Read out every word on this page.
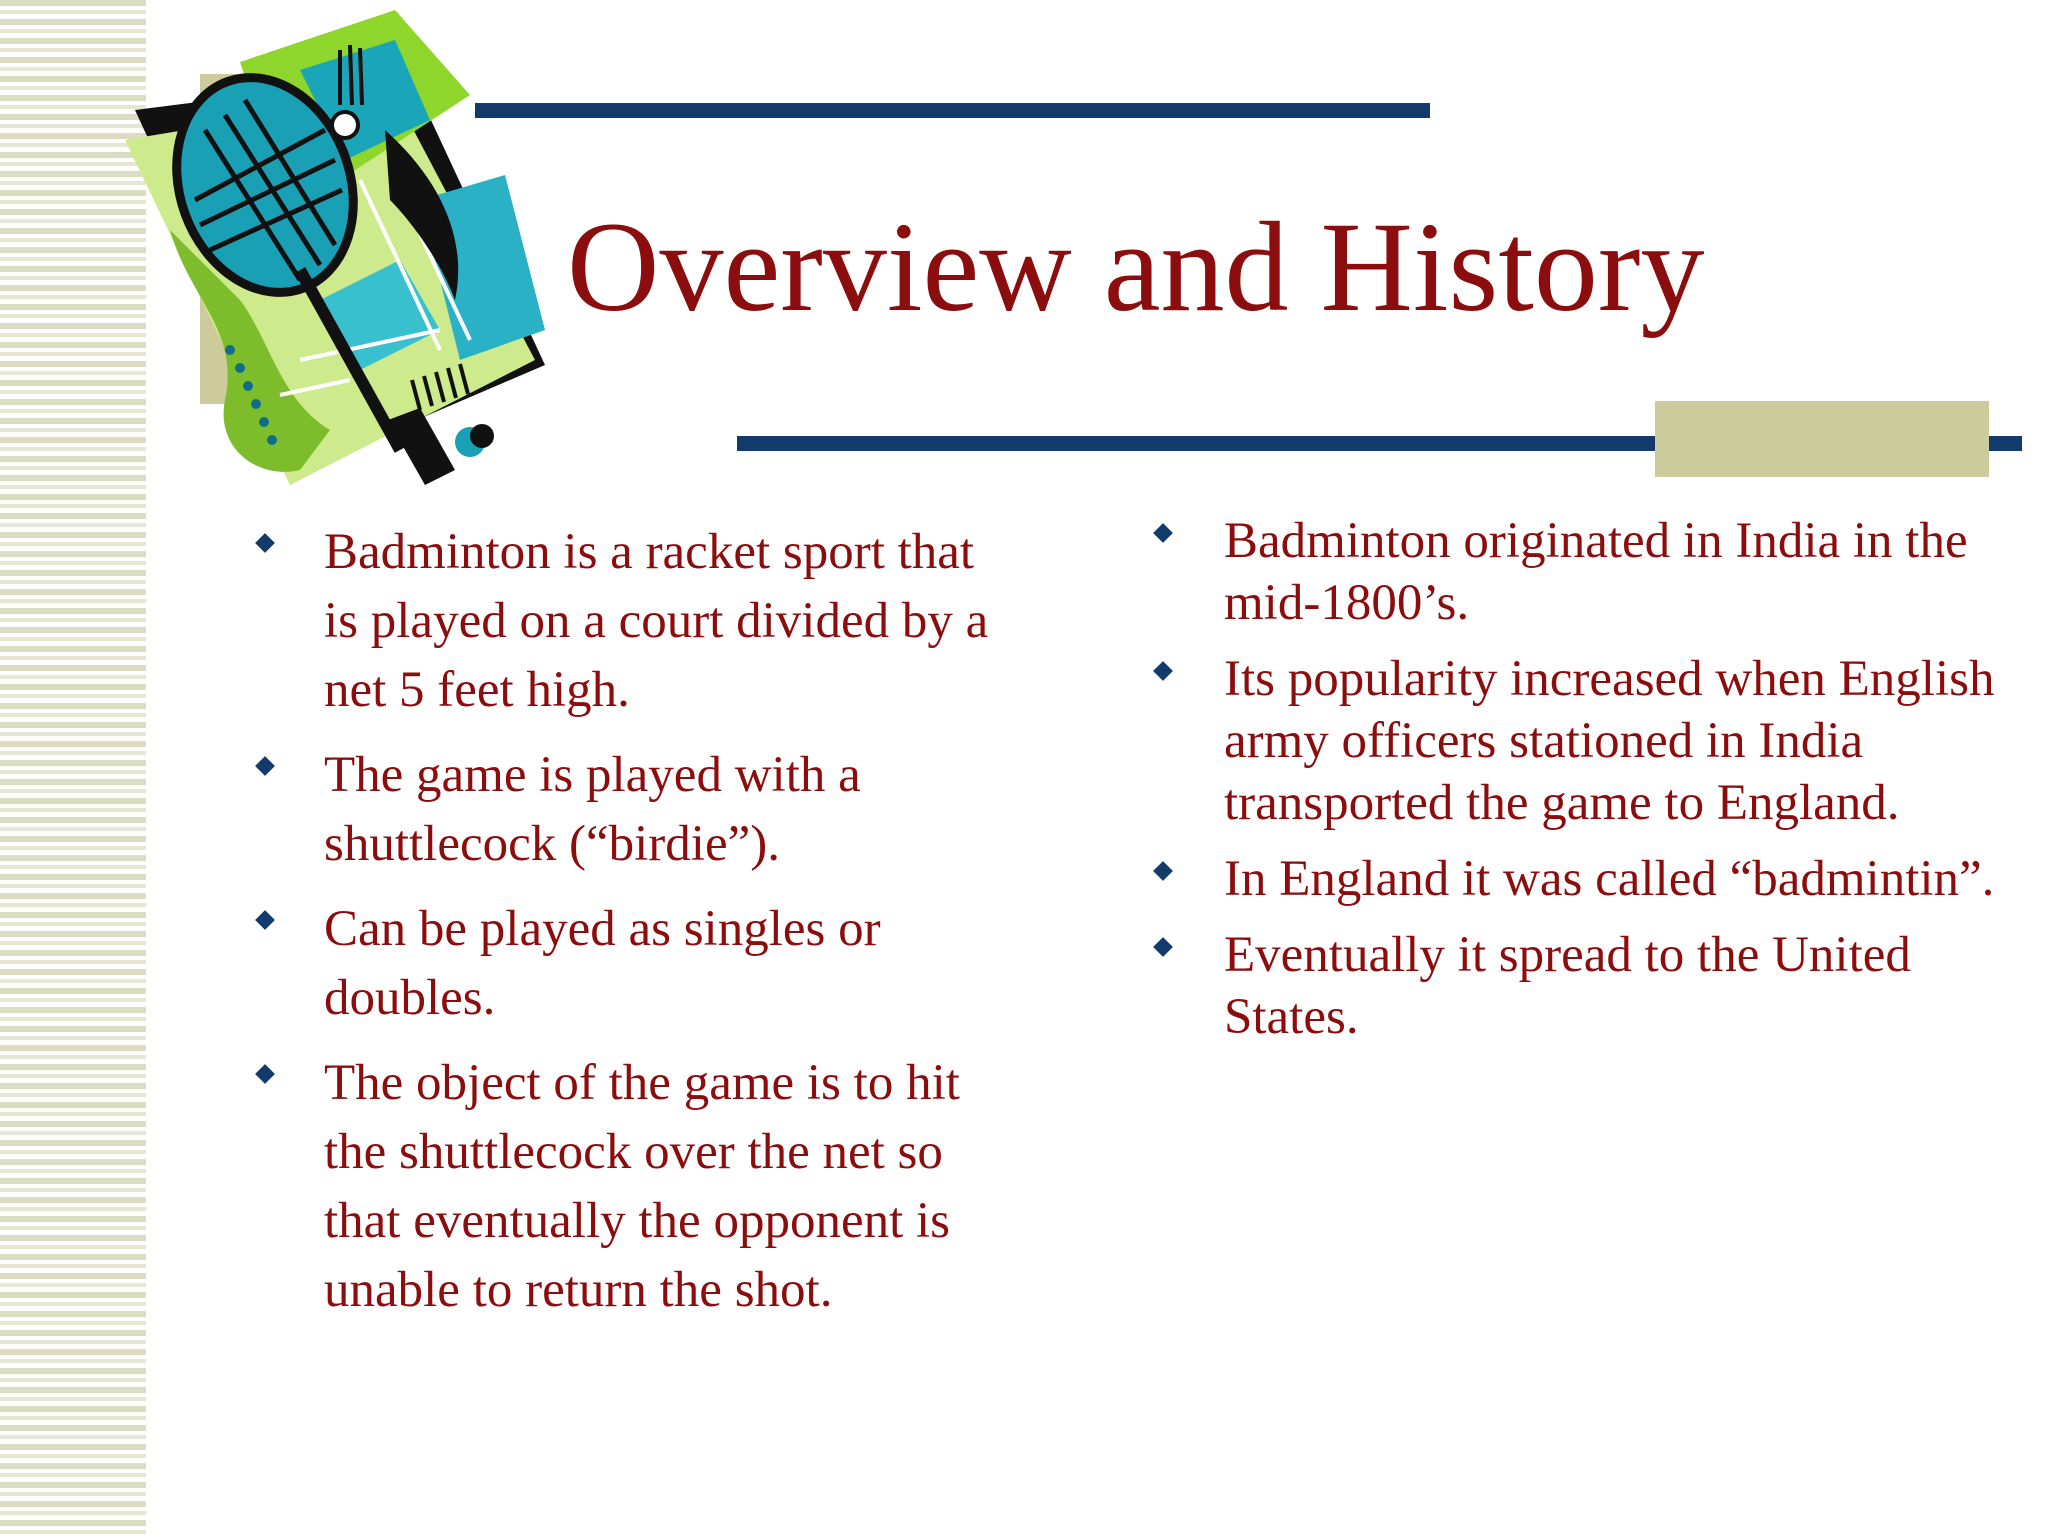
Overview and History
Badminton is a racket sport that is played on a court divided by a net 5 feet high.
The game is played with a shuttlecock (“birdie”).
Can be played as singles or doubles.
The object of the game is to hit the shuttlecock over the net so that eventually the opponent is unable to return the shot.
Badminton originated in India in the mid-1800’s.
Its popularity increased when English army officers stationed in India transported the game to England.
In England it was called “badmintin”.
Eventually it spread to the United States.
